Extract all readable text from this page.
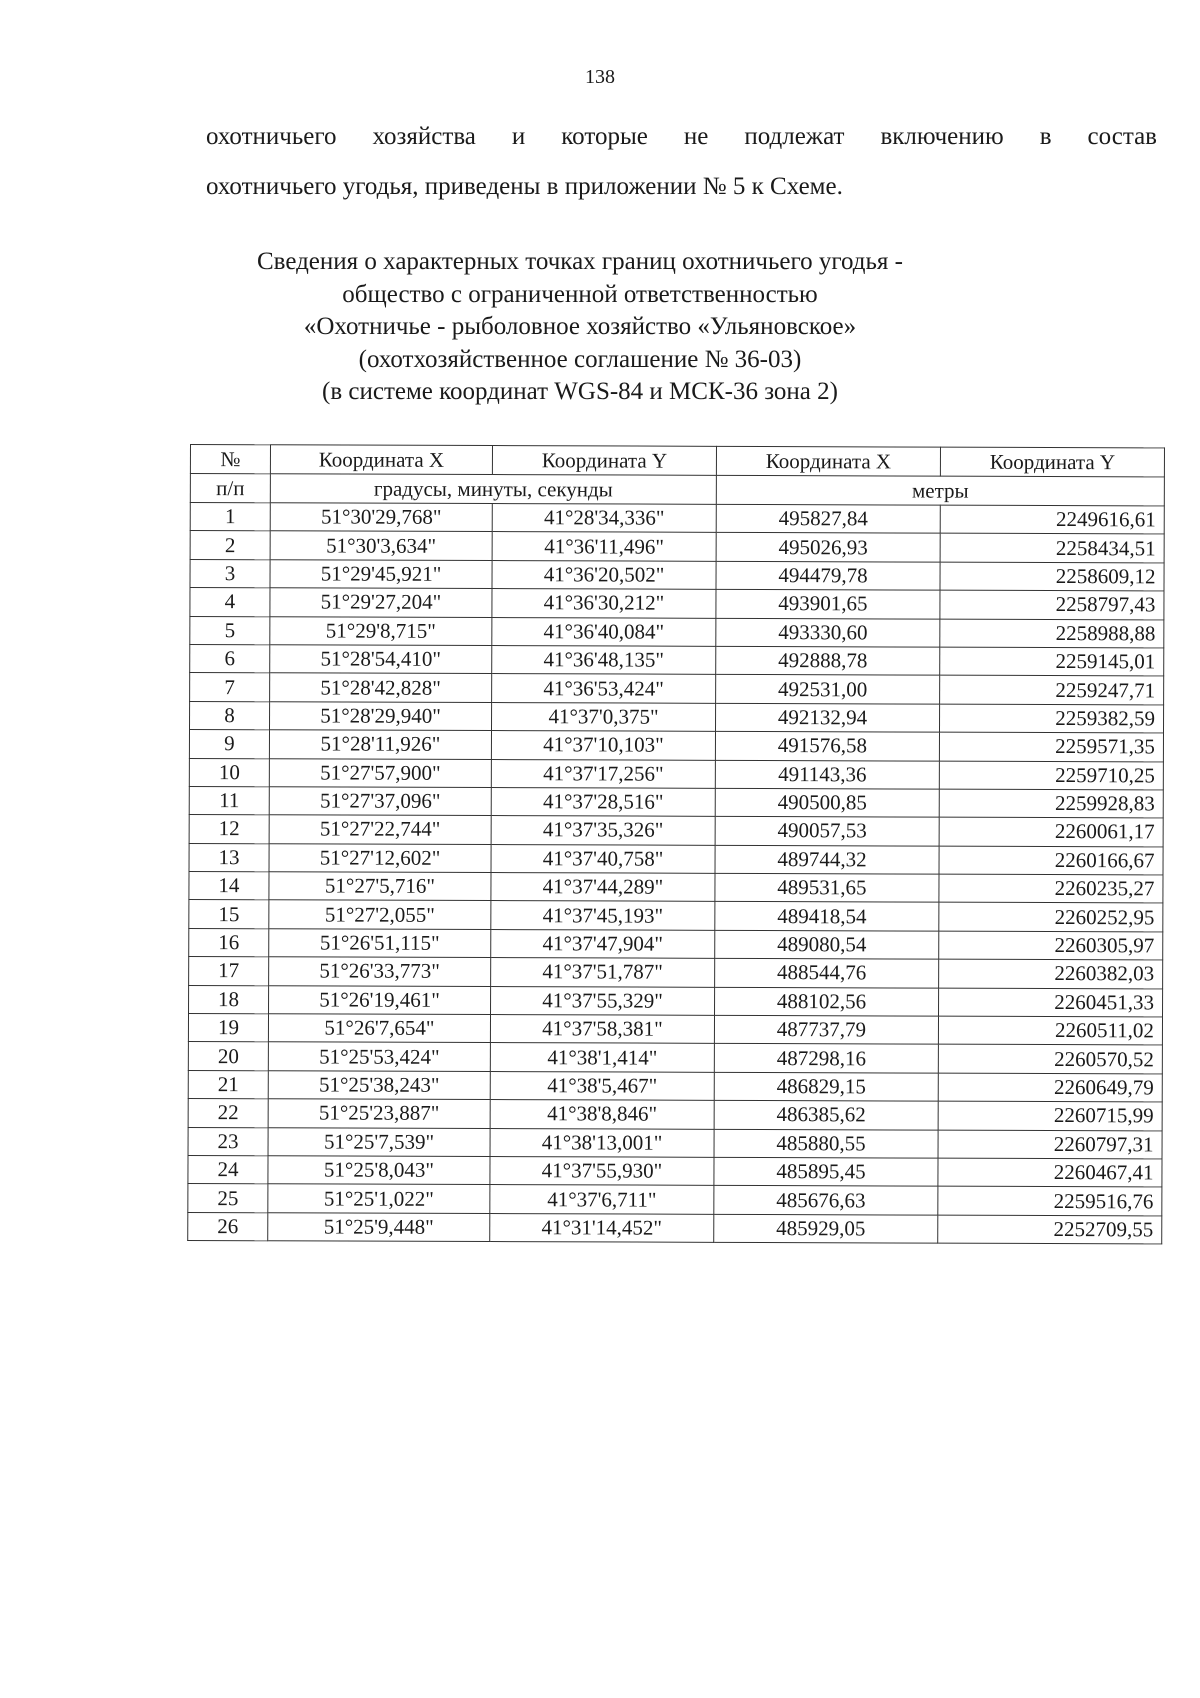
138
охотничьего хозяйства и которые не подлежат включению в состав
охотничьего угодья, приведены в приложении № 5 к Схеме.
Сведения о характерных точках границ охотничьего угодья -
общество с ограниченной ответственностью
«Охотничье - рыболовное хозяйство «Ульяновское»
(охотхозяйственное соглашение № 36-03)
(в системе координат WGS-84 и МСК-36 зона 2)
№	Координата X	Координата Y	Координата X	Координата Y
п/п	градусы, минуты, секунды		метры	
1	51°30'29,768"	41°28'34,336"	495827,84	2249616,61
2	51°30'3,634"	41°36'11,496"	495026,93	2258434,51
3	51°29'45,921"	41°36'20,502"	494479,78	2258609,12
4	51°29'27,204"	41°36'30,212"	493901,65	2258797,43
5	51°29'8,715"	41°36'40,084"	493330,60	2258988,88
6	51°28'54,410"	41°36'48,135"	492888,78	2259145,01
7	51°28'42,828"	41°36'53,424"	492531,00	2259247,71
8	51°28'29,940"	41°37'0,375"	492132,94	2259382,59
9	51°28'11,926"	41°37'10,103"	491576,58	2259571,35
10	51°27'57,900"	41°37'17,256"	491143,36	2259710,25
11	51°27'37,096"	41°37'28,516"	490500,85	2259928,83
12	51°27'22,744"	41°37'35,326"	490057,53	2260061,17
13	51°27'12,602"	41°37'40,758"	489744,32	2260166,67
14	51°27'5,716"	41°37'44,289"	489531,65	2260235,27
15	51°27'2,055"	41°37'45,193"	489418,54	2260252,95
16	51°26'51,115"	41°37'47,904"	489080,54	2260305,97
17	51°26'33,773"	41°37'51,787"	488544,76	2260382,03
18	51°26'19,461"	41°37'55,329"	488102,56	2260451,33
19	51°26'7,654"	41°37'58,381"	487737,79	2260511,02
20	51°25'53,424"	41°38'1,414"	487298,16	2260570,52
21	51°25'38,243"	41°38'5,467"	486829,15	2260649,79
22	51°25'23,887"	41°38'8,846"	486385,62	2260715,99
23	51°25'7,539"	41°38'13,001"	485880,55	2260797,31
24	51°25'8,043"	41°37'55,930"	485895,45	2260467,41
25	51°25'1,022"	41°37'6,711"	485676,63	2259516,76
26	51°25'9,448"	41°31'14,452"	485929,05	2252709,55
